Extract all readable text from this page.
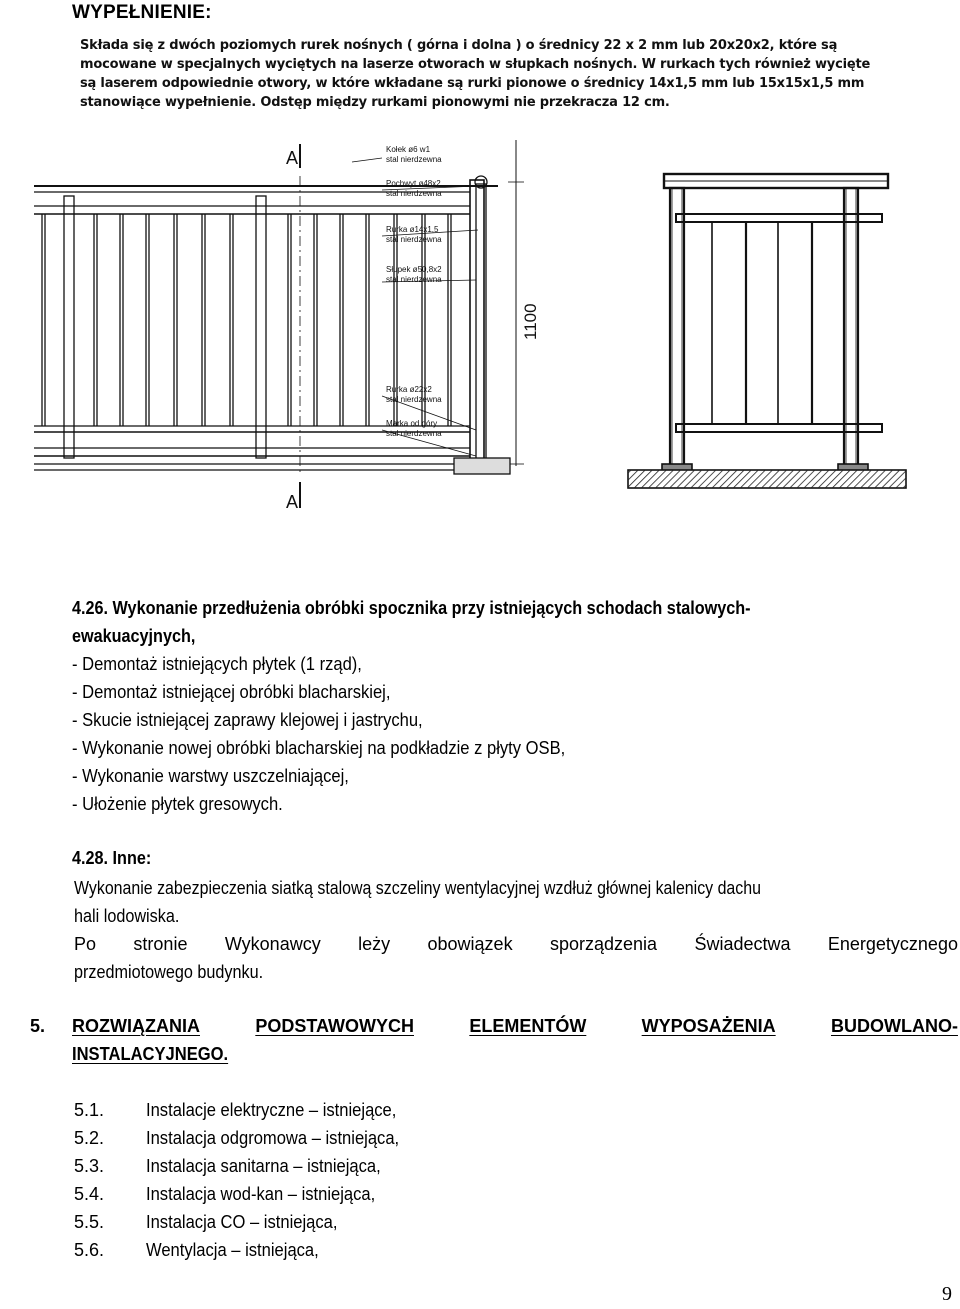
WYPEŁNIENIE:
Składa się z dwóch poziomych rurek nośnych ( górna i dolna ) o średnicy 22 x 2 mm lub 20x20x2, które są
mocowane w specjalnych wyciętych na laserze otworach w słupkach nośnych. W rurkach tych również wycięte
są laserem odpowiednie otwory, w które wkładane są rurki pionowe o średnicy 14x1,5 mm lub 15x15x1,5 mm
stanowiące wypełnienie. Odstęp między rurkami pionowymi nie przekracza 12 cm.
A
A
1100
Kołek ø6 w1
stal nierdzewna
Pochwyt ø48x2
stal nierdzewna
Rurka ø14x1,5
stal nierdzewna
Słupek ø50,8x2
stal nierdzewna
Rurka ø22x2
stal nierdzewna
Marka od góry
stal nierdzewna
4.26. Wykonanie przedłużenia obróbki spocznika przy istniejących schodach stalowych-
ewakuacyjnych,
- Demontaż istniejących płytek (1 rząd),
- Demontaż istniejącej obróbki blacharskiej,
- Skucie istniejącej zaprawy klejowej i jastrychu,
- Wykonanie nowej obróbki blacharskiej na podkładzie z płyty OSB,
- Wykonanie warstwy uszczelniającej,
- Ułożenie płytek gresowych.
4.28. Inne:
Wykonanie zabezpieczenia siatką stalową szczeliny wentylacyjnej wzdłuż głównej kalenicy dachu
hali lodowiska.
Po stronie Wykonawcy leży obowiązek sporządzenia Świadectwa Energetycznego
przedmiotowego budynku.
5. ROZWIĄZANIA	PODSTAWOWYCH	ELEMENTÓW	WYPOSAŻENIA	BUDOWLANO-
INSTALACYJNEGO.
5.1. Instalacje elektryczne – istniejące,
5.2. Instalacja odgromowa – istniejąca,
5.3. Instalacja sanitarna – istniejąca,
5.4. Instalacja wod-kan – istniejąca,
5.5. Instalacja CO – istniejąca,
5.6. Wentylacja – istniejąca,
9
